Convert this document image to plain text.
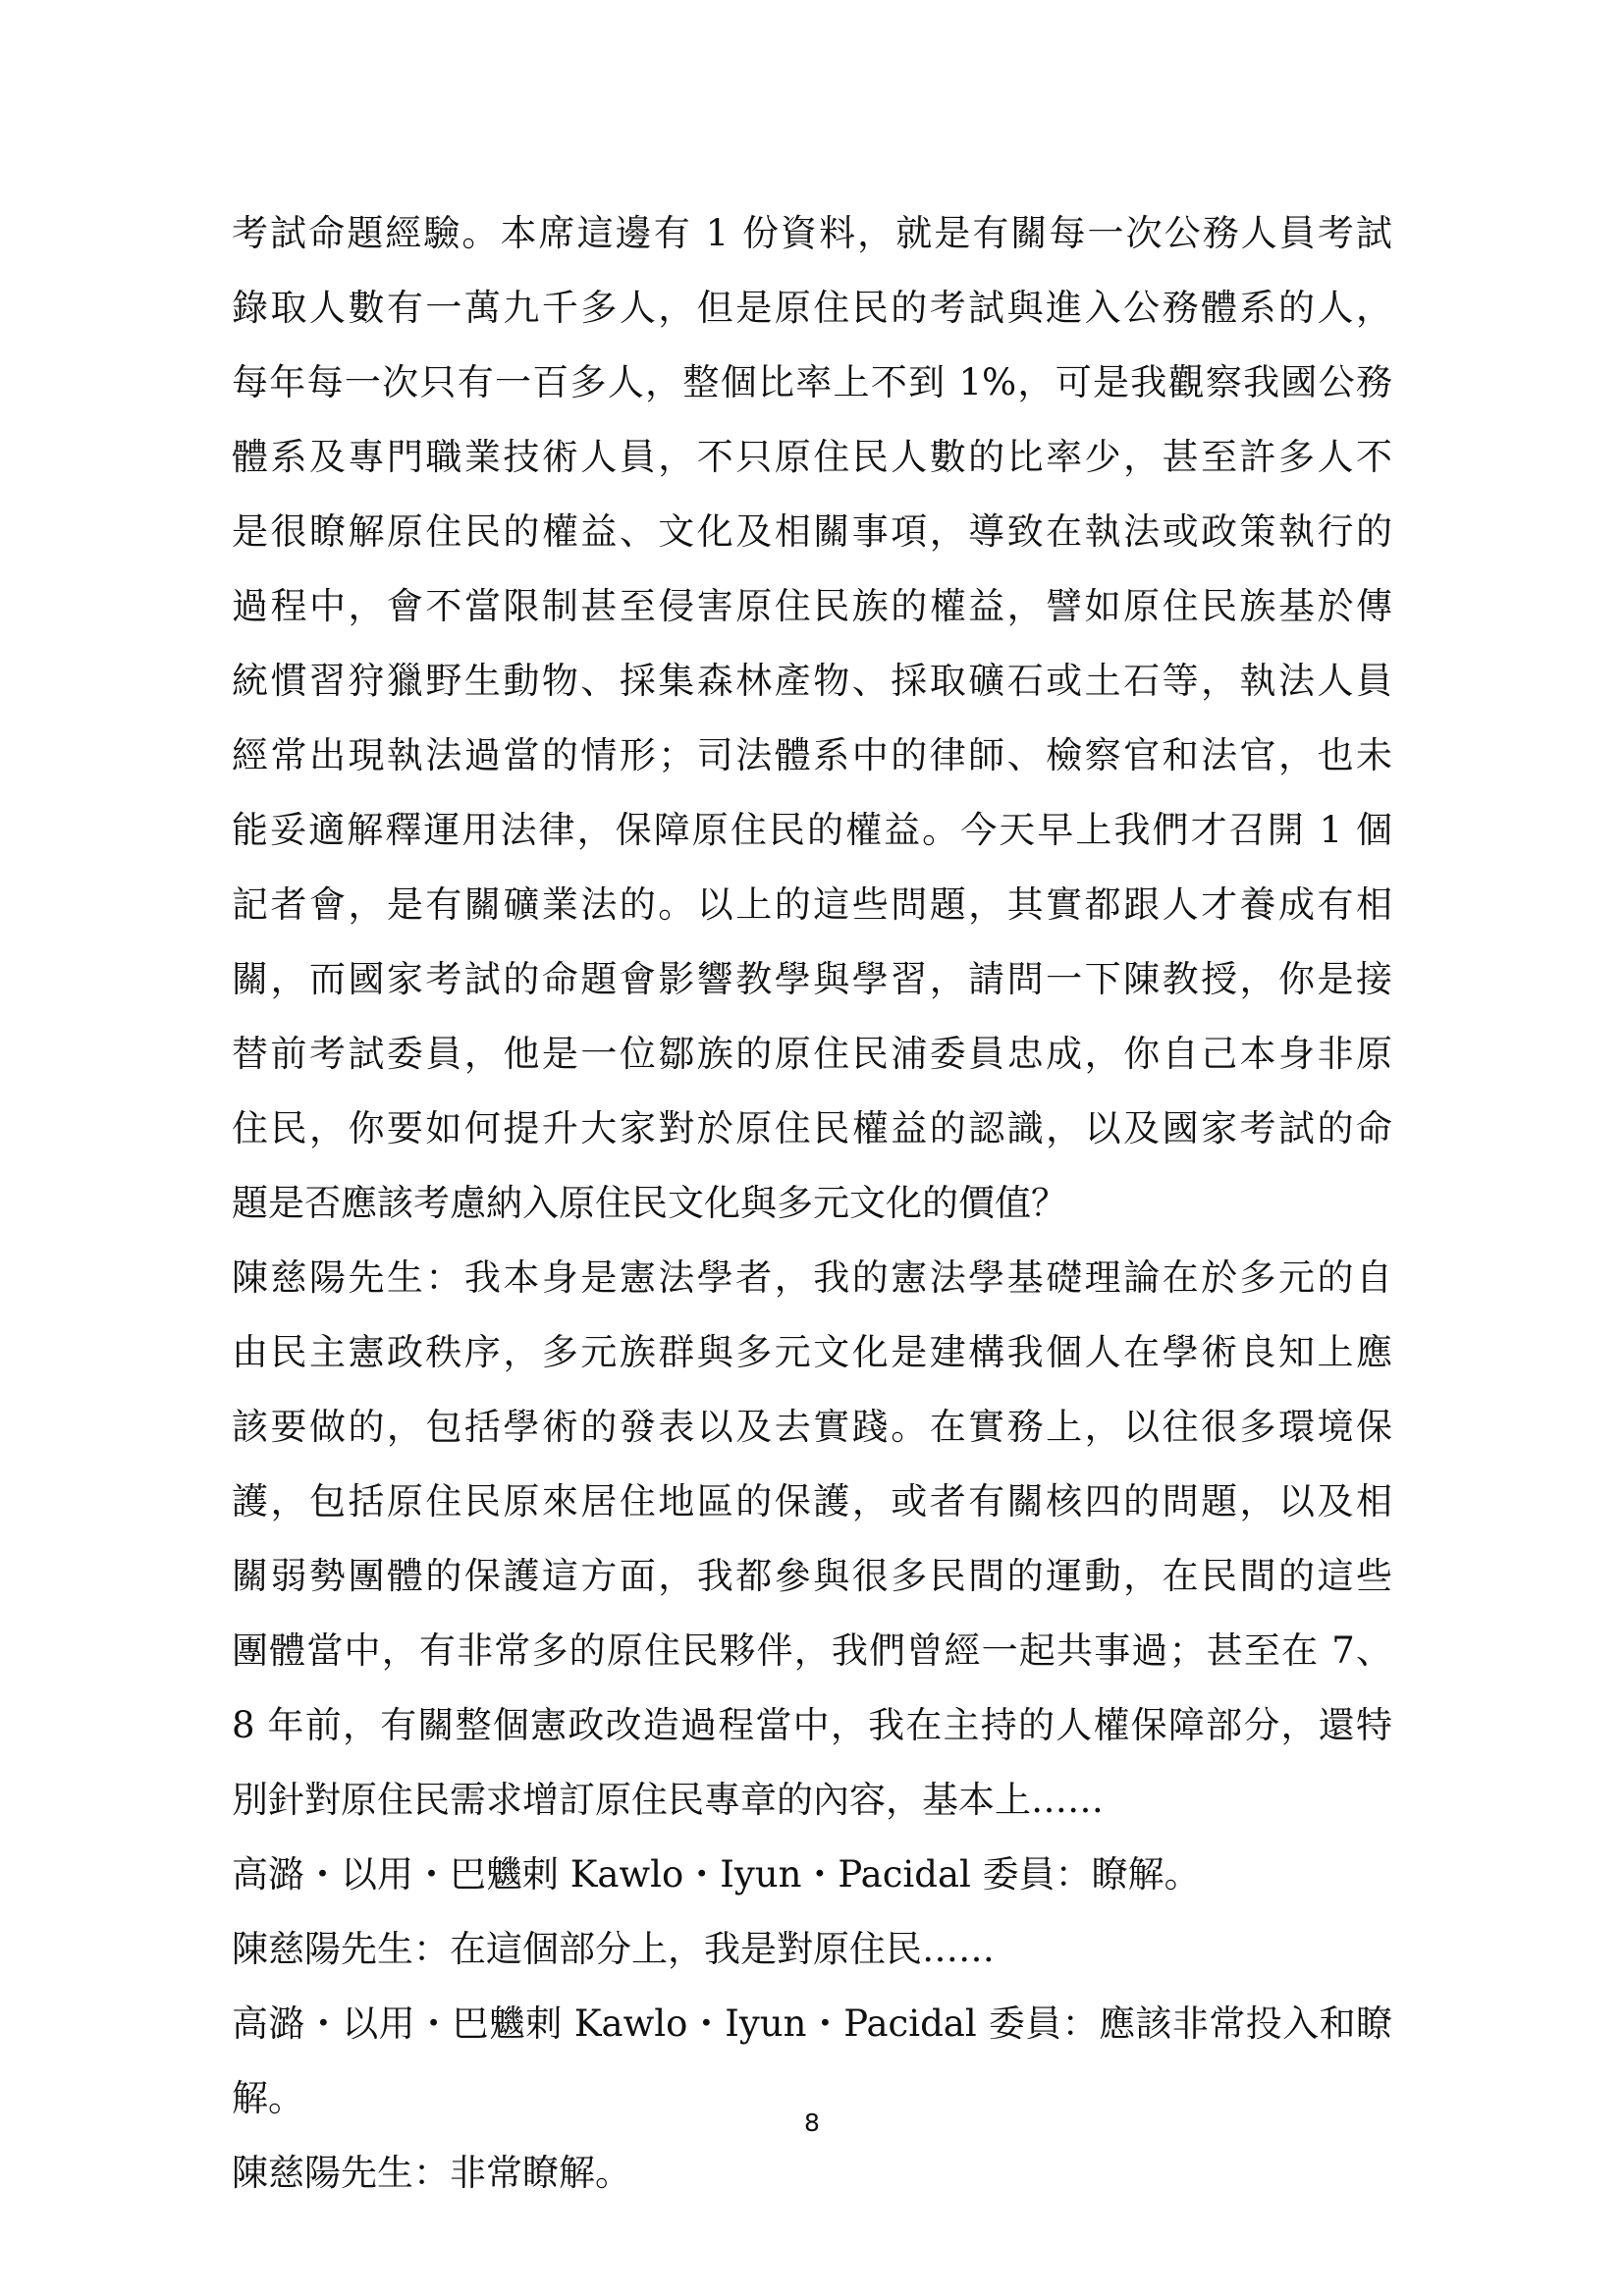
考試命題經驗。本席這邊有 1 份資料，就是有關每一次公務人員考試
錄取人數有一萬九千多人，但是原住民的考試與進入公務體系的人，
每年每一次只有一百多人，整個比率上不到 1%，可是我觀察我國公務
體系及專門職業技術人員，不只原住民人數的比率少，甚至許多人不
是很瞭解原住民的權益、文化及相關事項，導致在執法或政策執行的
過程中，會不當限制甚至侵害原住民族的權益，譬如原住民族基於傳
統慣習狩獵野生動物、採集森林產物、採取礦石或土石等，執法人員
經常出現執法過當的情形；司法體系中的律師、檢察官和法官，也未
能妥適解釋運用法律，保障原住民的權益。今天早上我們才召開 1 個
記者會，是有關礦業法的。以上的這些問題，其實都跟人才養成有相
關，而國家考試的命題會影響教學與學習，請問一下陳教授，你是接
替前考試委員，他是一位鄒族的原住民浦委員忠成，你自己本身非原
住民，你要如何提升大家對於原住民權益的認識，以及國家考試的命
題是否應該考慮納入原住民文化與多元文化的價值？
陳慈陽先生：我本身是憲法學者，我的憲法學基礎理論在於多元的自
由民主憲政秩序，多元族群與多元文化是建構我個人在學術良知上應
該要做的，包括學術的發表以及去實踐。在實務上，以往很多環境保
護，包括原住民原來居住地區的保護，或者有關核四的問題，以及相
關弱勢團體的保護這方面，我都參與很多民間的運動，在民間的這些
團體當中，有非常多的原住民夥伴，我們曾經一起共事過；甚至在 7、
8 年前，有關整個憲政改造過程當中，我在主持的人權保障部分，還特
別針對原住民需求增訂原住民專章的內容，基本上……
高潞・以用・巴魕剌 Kawlo・Iyun・Pacidal 委員：瞭解。
陳慈陽先生：在這個部分上，我是對原住民……
高潞・以用・巴魕剌 Kawlo・Iyun・Pacidal 委員：應該非常投入和瞭
解。
陳慈陽先生：非常瞭解。
8
